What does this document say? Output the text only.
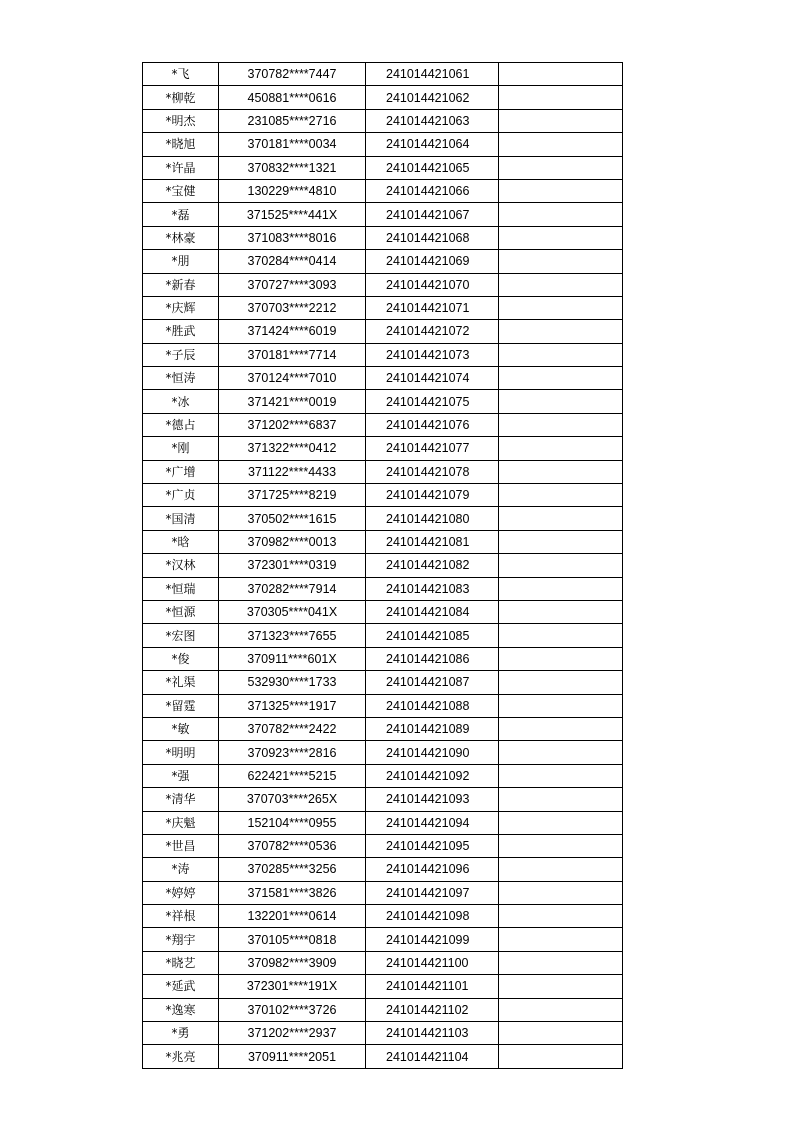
*飞	370782****7447	241014421061	
*柳乾	450881****0616	241014421062	
*明杰	231085****2716	241014421063	
*晓旭	370181****0034	241014421064	
*许晶	370832****1321	241014421065	
*宝健	130229****4810	241014421066	
*磊	371525****441X	241014421067	
*林豪	371083****8016	241014421068	
*朋	370284****0414	241014421069	
*新春	370727****3093	241014421070	
*庆辉	370703****2212	241014421071	
*胜武	371424****6019	241014421072	
*子辰	370181****7714	241014421073	
*恒涛	370124****7010	241014421074	
*冰	371421****0019	241014421075	
*德占	371202****6837	241014421076	
*刚	371322****0412	241014421077	
*广增	371122****4433	241014421078	
*广贞	371725****8219	241014421079	
*国清	370502****1615	241014421080	
*晗	370982****0013	241014421081	
*汉林	372301****0319	241014421082	
*恒瑞	370282****7914	241014421083	
*恒源	370305****041X	241014421084	
*宏图	371323****7655	241014421085	
*俊	370911****601X	241014421086	
*礼渠	532930****1733	241014421087	
*留霆	371325****1917	241014421088	
*敏	370782****2422	241014421089	
*明明	370923****2816	241014421090	
*强	622421****5215	241014421092	
*清华	370703****265X	241014421093	
*庆魁	152104****0955	241014421094	
*世昌	370782****0536	241014421095	
*涛	370285****3256	241014421096	
*婷婷	371581****3826	241014421097	
*祥根	132201****0614	241014421098	
*翔宇	370105****0818	241014421099	
*晓艺	370982****3909	241014421100	
*延武	372301****191X	241014421101	
*逸寒	370102****3726	241014421102	
*勇	371202****2937	241014421103	
*兆亮	370911****2051	241014421104	
